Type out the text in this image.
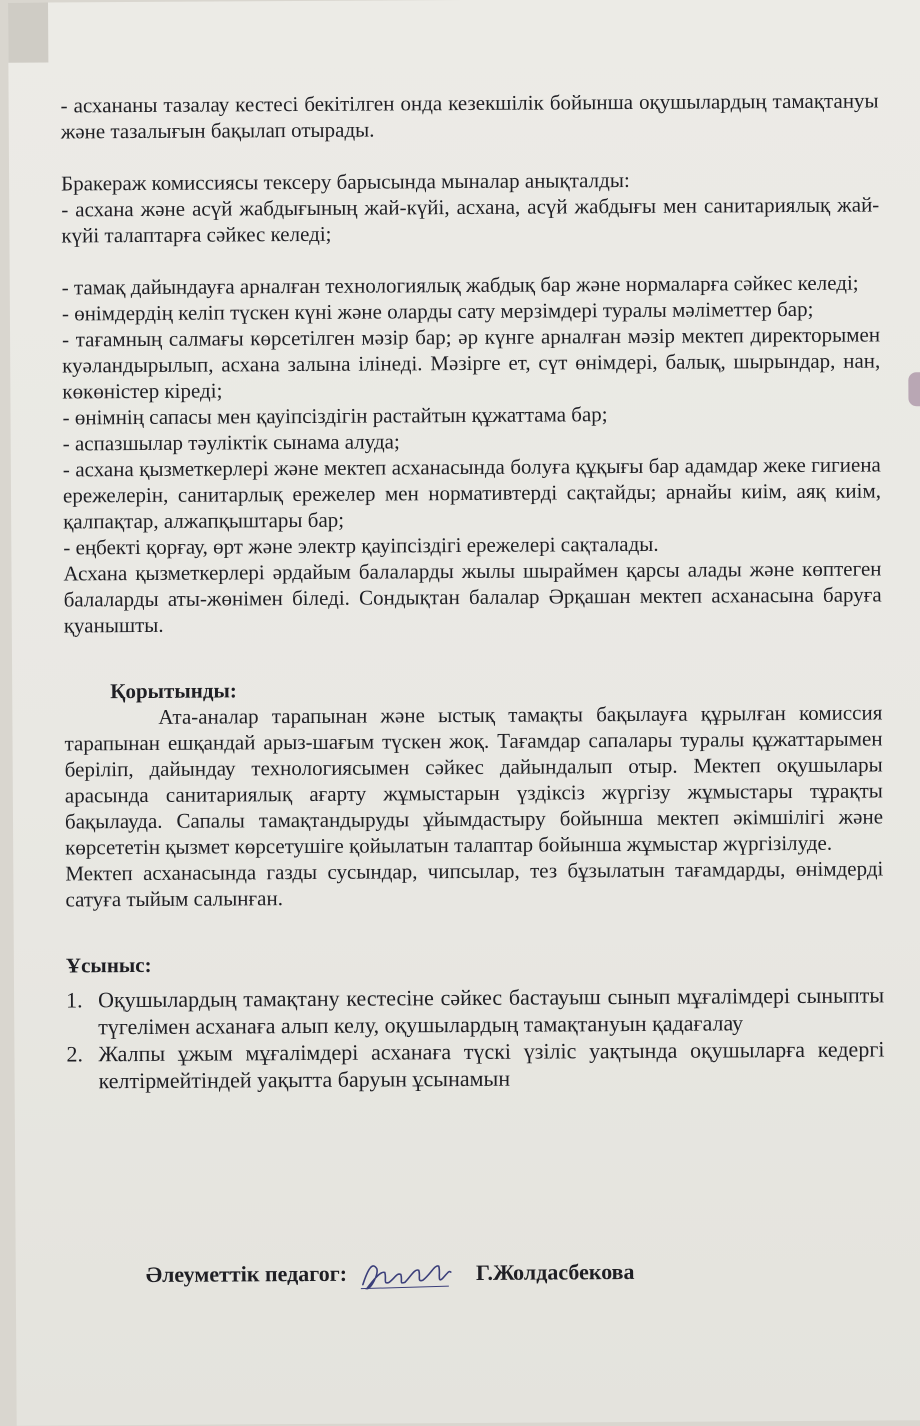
- асхананы тазалау кестесі бекітілген онда кезекшілік бойынша оқушылардың тамақтануы және тазалығын бақылап отырады.

Бракераж комиссиясы тексеру барысында мыналар анықталды:

- асхана және асүй жабдығының жай-күйі, асхана, асүй жабдығы мен санитариялық жай-күйі талаптарға сәйкес келеді;

- тамақ дайындауға арналған технологиялық жабдық бар және нормаларға сәйкес келеді;

- өнімдердің келіп түскен күні және оларды сату мерзімдері туралы мәліметтер бар;

- тағамның салмағы көрсетілген мәзір бар; әр күнге арналған мәзір мектеп директорымен куәландырылып, асхана залына ілінеді. Мәзірге ет, сүт өнімдері, балық, шырындар, нан, көкөністер кіреді;

- өнімнің сапасы мен қауіпсіздігін растайтын құжаттама бар;

- аспазшылар тәуліктік сынама алуда;

- асхана қызметкерлері және мектеп асханасында болуға құқығы бар адамдар жеке гигиена ережелерін, санитарлық ережелер мен нормативтерді сақтайды; арнайы киім, аяқ киім, қалпақтар, алжапқыштары бар;

- еңбекті қорғау, өрт және электр қауіпсіздігі ережелері сақталады.

Асхана қызметкерлері әрдайым балаларды жылы шыраймен қарсы алады және көптеген балаларды аты-жөнімен біледі. Сондықтан балалар Әрқашан мектеп асханасына баруға қуанышты.

Қорытынды:

Ата-аналар тарапынан және ыстық тамақты бақылауға құрылған комиссия тарапынан ешқандай арыз-шағым түскен жоқ. Тағамдар сапалары туралы құжаттарымен беріліп, дайындау технологиясымен сәйкес дайындалып отыр. Мектеп оқушылары арасында санитариялық ағарту жұмыстарын үздіксіз жүргізу жұмыстары тұрақты бақылауда. Сапалы тамақтандыруды ұйымдастыру бойынша мектеп әкімшілігі және көрсететін қызмет көрсетушіге қойылатын талаптар бойынша жұмыстар жүргізілуде.

Мектеп асханасында газды сусындар, чипсылар, тез бұзылатын тағамдарды, өнімдерді сатуға тыйым салынған.

Ұсыныс:

1. Оқушылардың тамақтану кестесіне сәйкес бастауыш сынып мұғалімдері сыныпты түгелімен асханаға алып келу, оқушылардың тамақтануын қадағалау
2. Жалпы ұжым мұғалімдері асханаға түскі үзіліс уақтында оқушыларға кедергі келтірмейтіндей уақытта баруын ұсынамын
Әлеуметтік педагог:	Г.Жолдасбекова
